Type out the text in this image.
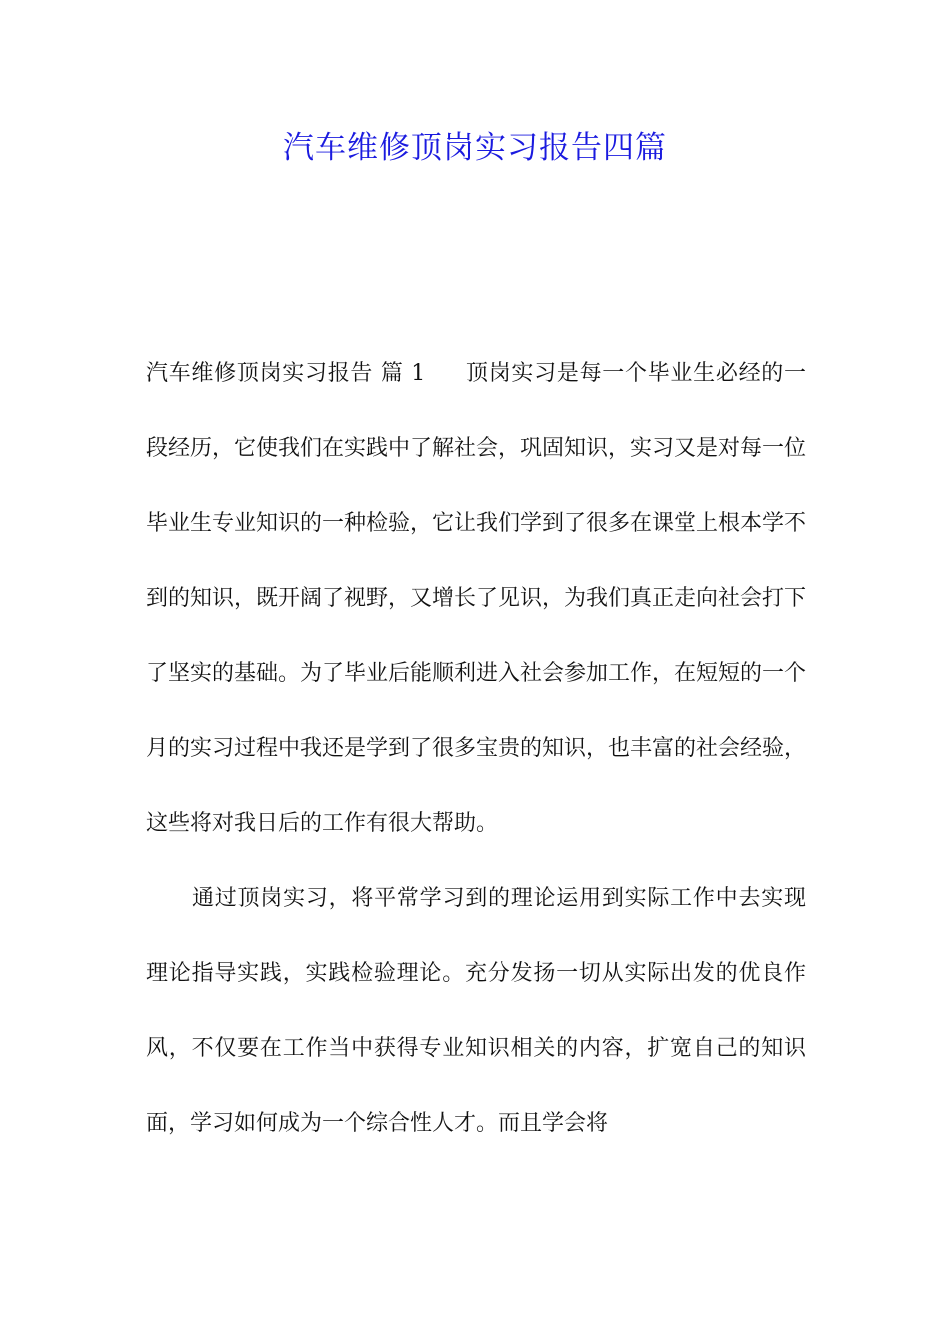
汽车维修顶岗实习报告四篇

汽车维修顶岗实习报告 篇 1 顶岗实习是每一个毕业生必经的一段经历，它使我们在实践中了解社会，巩固知识，实习又是对每一位毕业生专业知识的一种检验，它让我们学到了很多在课堂上根本学不到的知识，既开阔了视野，又增长了见识，为我们真正走向社会打下了坚实的基础。为了毕业后能顺利进入社会参加工作，在短短的一个月的实习过程中我还是学到了很多宝贵的知识，也丰富的社会经验，这些将对我日后的工作有很大帮助。

通过顶岗实习，将平常学习到的理论运用到实际工作中去实现理论指导实践，实践检验理论。充分发扬一切从实际出发的优良作风，不仅要在工作当中获得专业知识相关的内容，扩宽自己的知识面，学习如何成为一个综合性人才。而且学会将
